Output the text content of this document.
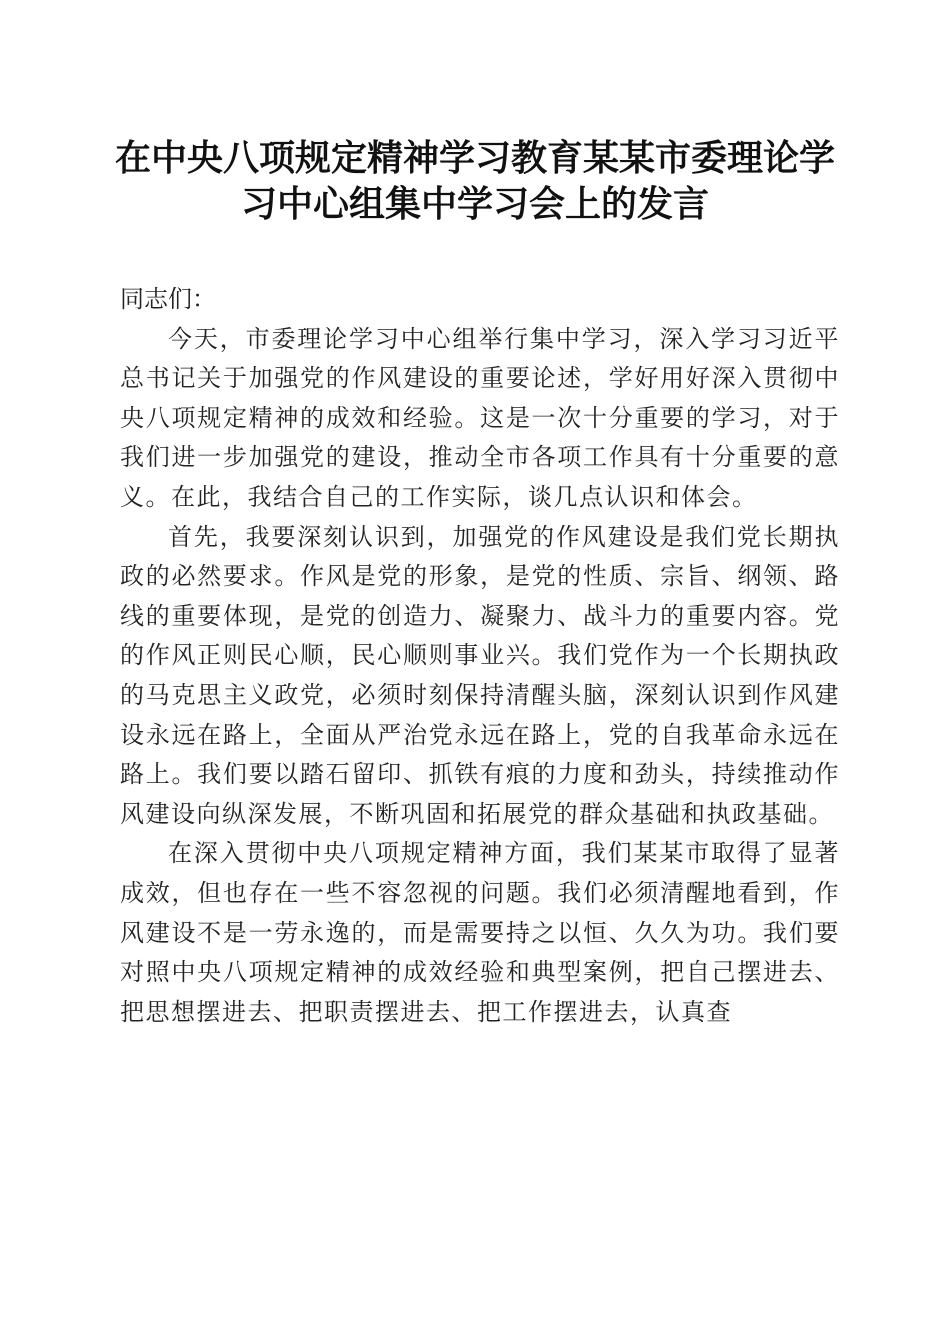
在中央八项规定精神学习教育某某市委理论学
习中心组集中学习会上的发言

同志们：

今天，市委理论学习中心组举行集中学习，深入学习习近平总书记关于加强党的作风建设的重要论述，学好用好深入贯彻中央八项规定精神的成效和经验。这是一次十分重要的学习，对于我们进一步加强党的建设，推动全市各项工作具有十分重要的意义。在此，我结合自己的工作实际，谈几点认识和体会。

首先，我要深刻认识到，加强党的作风建设是我们党长期执政的必然要求。作风是党的形象，是党的性质、宗旨、纲领、路线的重要体现，是党的创造力、凝聚力、战斗力的重要内容。党的作风正则民心顺，民心顺则事业兴。我们党作为一个长期执政的马克思主义政党，必须时刻保持清醒头脑，深刻认识到作风建设永远在路上，全面从严治党永远在路上，党的自我革命永远在路上。我们要以踏石留印、抓铁有痕的力度和劲头，持续推动作风建设向纵深发展，不断巩固和拓展党的群众基础和执政基础。

在深入贯彻中央八项规定精神方面，我们某某市取得了显著成效，但也存在一些不容忽视的问题。我们必须清醒地看到，作风建设不是一劳永逸的，而是需要持之以恒、久久为功。我们要对照中央八项规定精神的成效经验和典型案例，把自己摆进去、把思想摆进去、把职责摆进去、把工作摆进去，认真查
